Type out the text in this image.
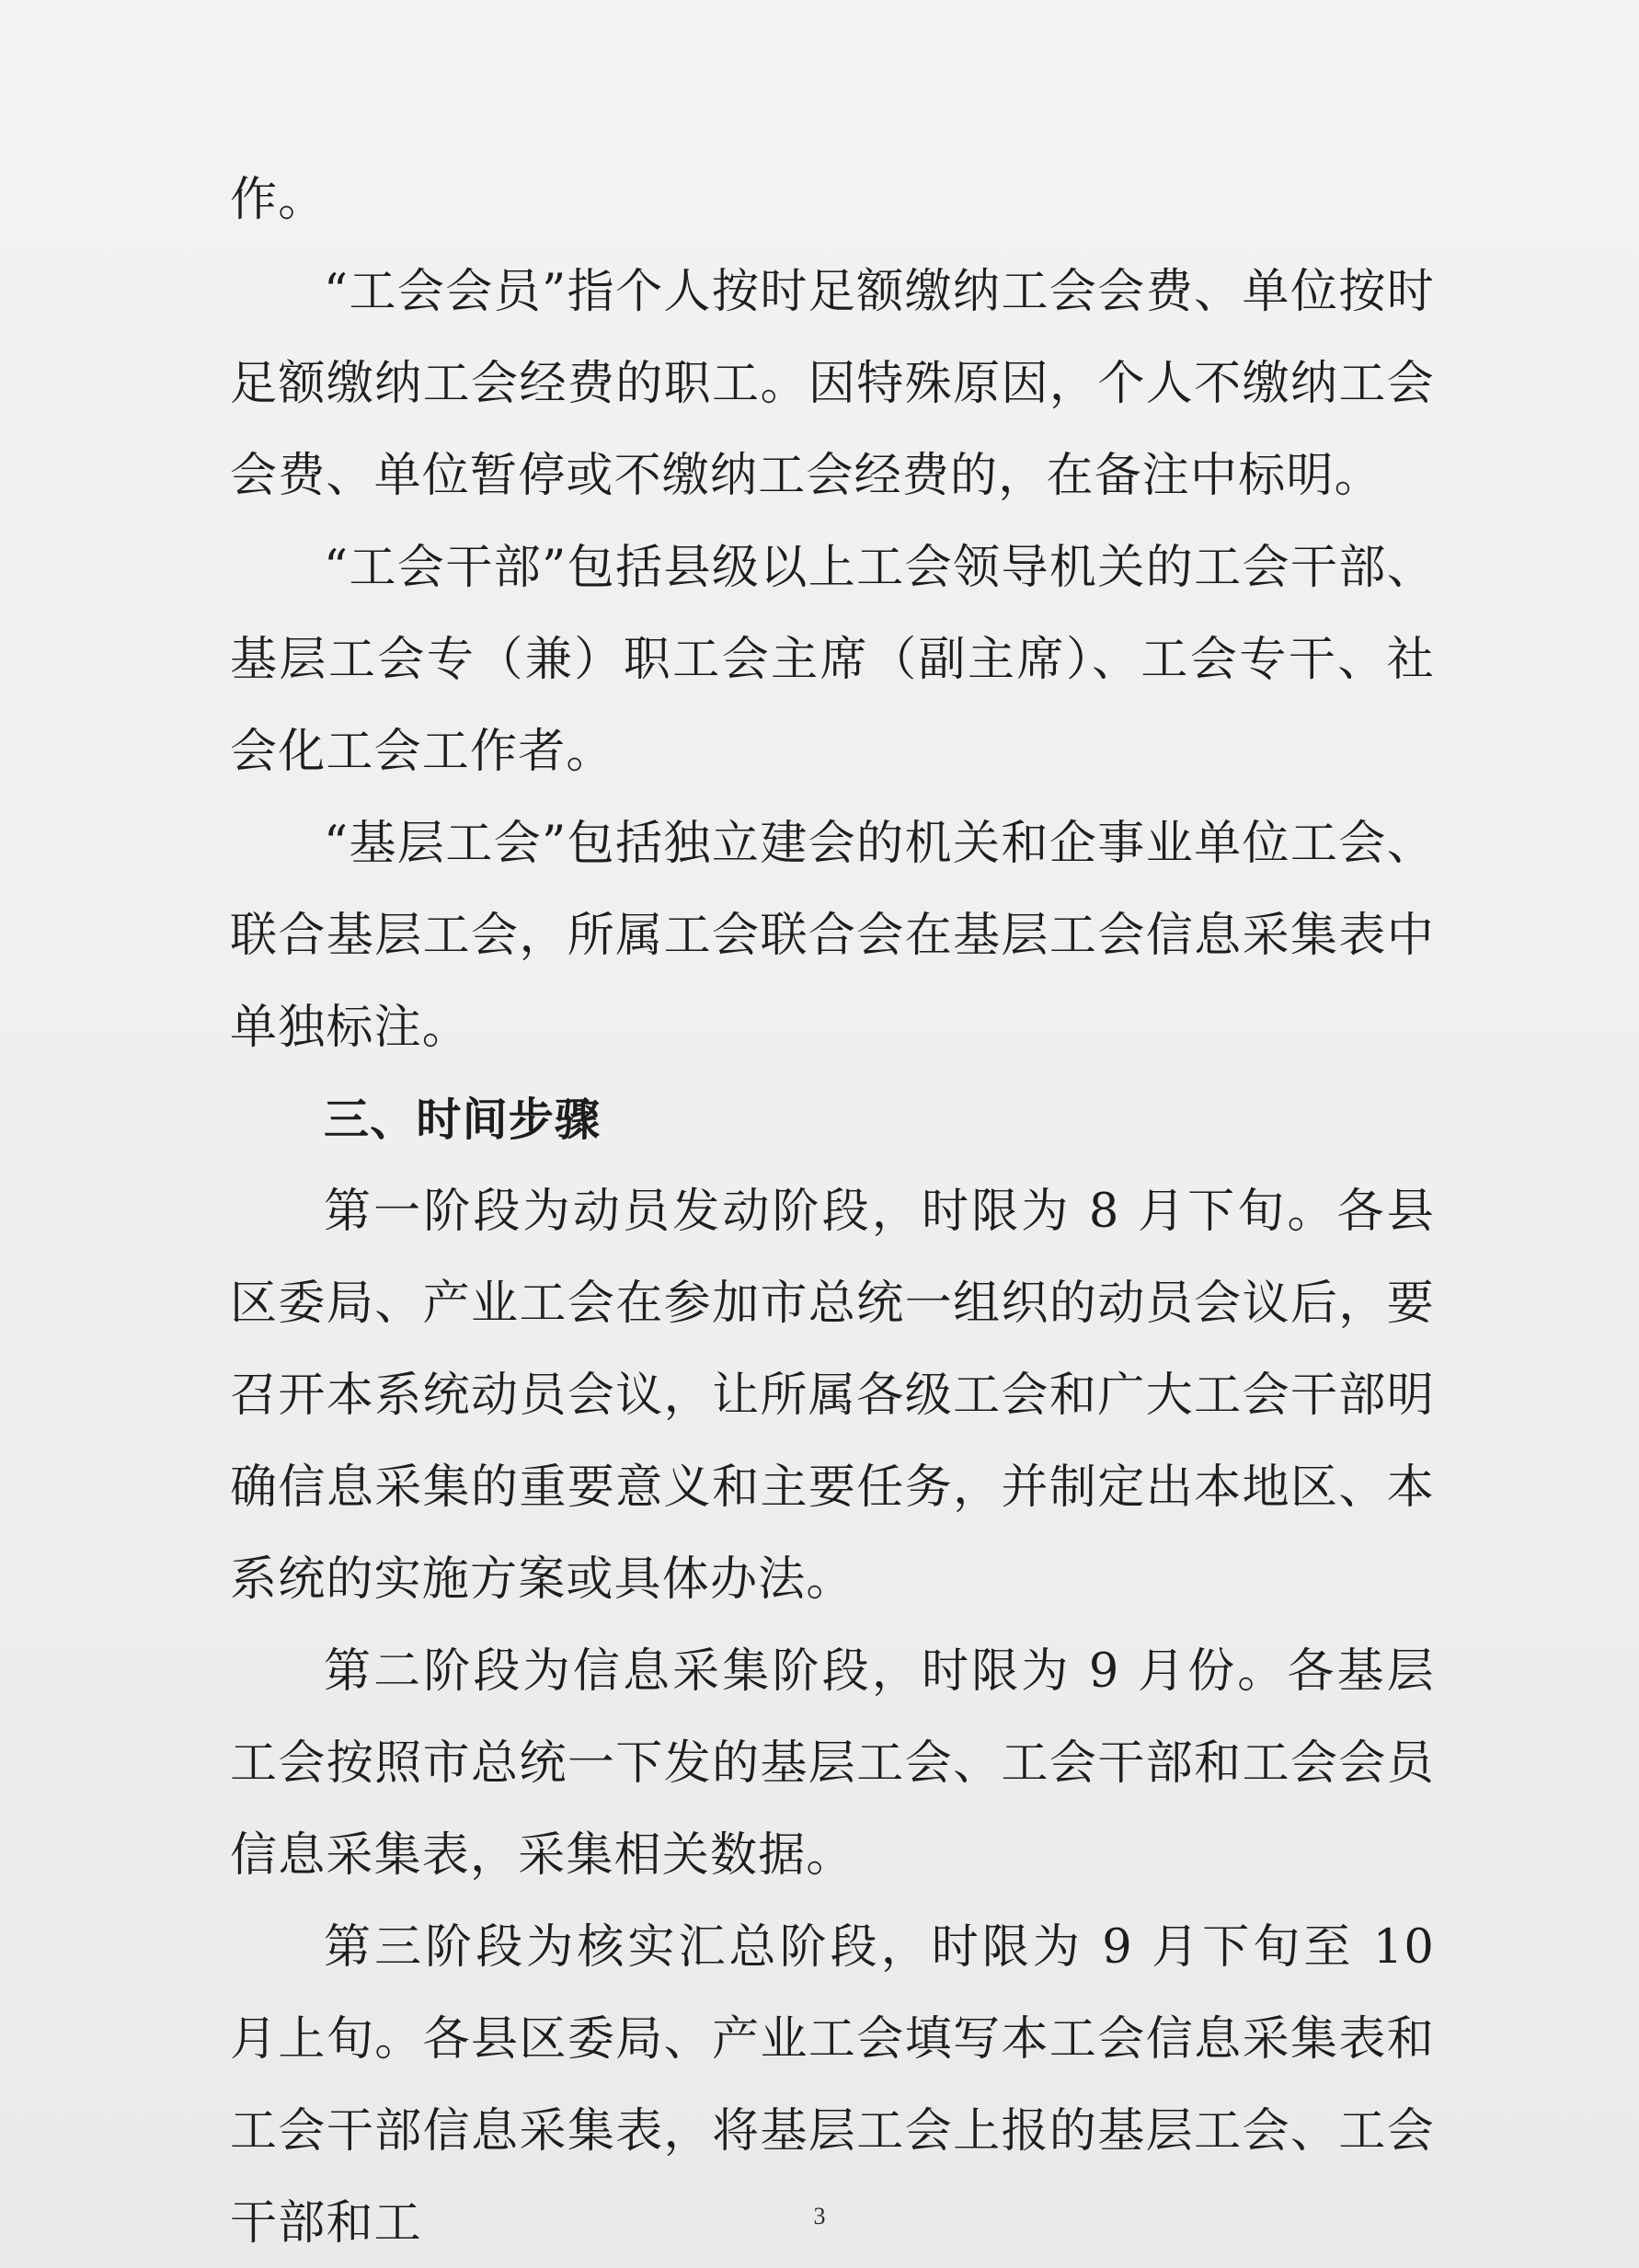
作。

“工会会员”指个人按时足额缴纳工会会费、单位按时足额缴纳工会经费的职工。因特殊原因，个人不缴纳工会会费、单位暂停或不缴纳工会经费的，在备注中标明。

“工会干部”包括县级以上工会领导机关的工会干部、基层工会专（兼）职工会主席（副主席）、工会专干、社会化工会工作者。

“基层工会”包括独立建会的机关和企事业单位工会、联合基层工会，所属工会联合会在基层工会信息采集表中单独标注。

三、时间步骤

第一阶段为动员发动阶段，时限为 8 月下旬。各县区委局、产业工会在参加市总统一组织的动员会议后，要召开本系统动员会议，让所属各级工会和广大工会干部明确信息采集的重要意义和主要任务，并制定出本地区、本系统的实施方案或具体办法。

第二阶段为信息采集阶段，时限为 9 月份。各基层工会按照市总统一下发的基层工会、工会干部和工会会员信息采集表，采集相关数据。

第三阶段为核实汇总阶段，时限为 9 月下旬至 10 月上旬。各县区委局、产业工会填写本工会信息采集表和工会干部信息采集表，将基层工会上报的基层工会、工会干部和工	3
